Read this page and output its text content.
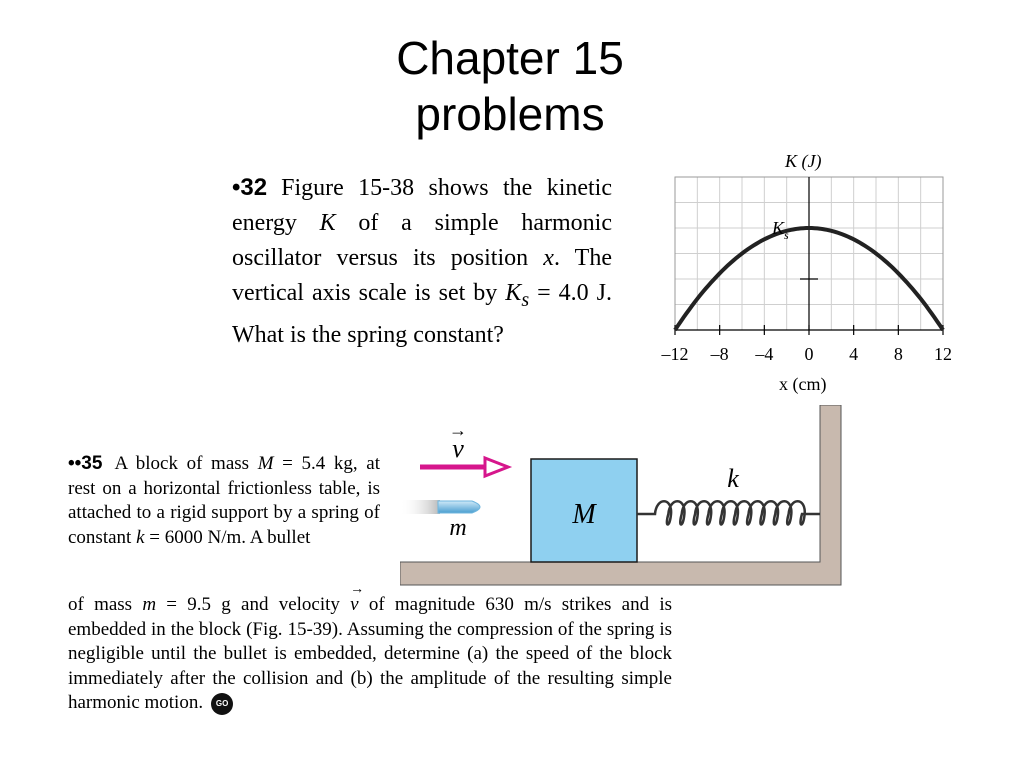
Chapter 15
problems
•32 Figure 15-38 shows the kinetic energy K of a simple harmonic oscillator versus its position x. The vertical axis scale is set by $K_s = 4.0$ J. What is the spring constant?
–12 –8 –4 0 4 8 12
K (J)
$K_s$
x (cm)
••35 A block of mass M = 5.4 kg, at rest on a horizontal frictionless table, is attached to a rigid support by a spring of constant k = 6000 N/m. A bullet
of mass m = 9.5 g and velocity → v of magnitude 630 m/s strikes and is embedded in the block (Fig. 15-39). Assuming the compression of the spring is negligible until the bullet is embedded, determine (a) the speed of the block immediately after the collision and (b) the amplitude of the resulting simple harmonic motion. GO
M
k
v
→
m
